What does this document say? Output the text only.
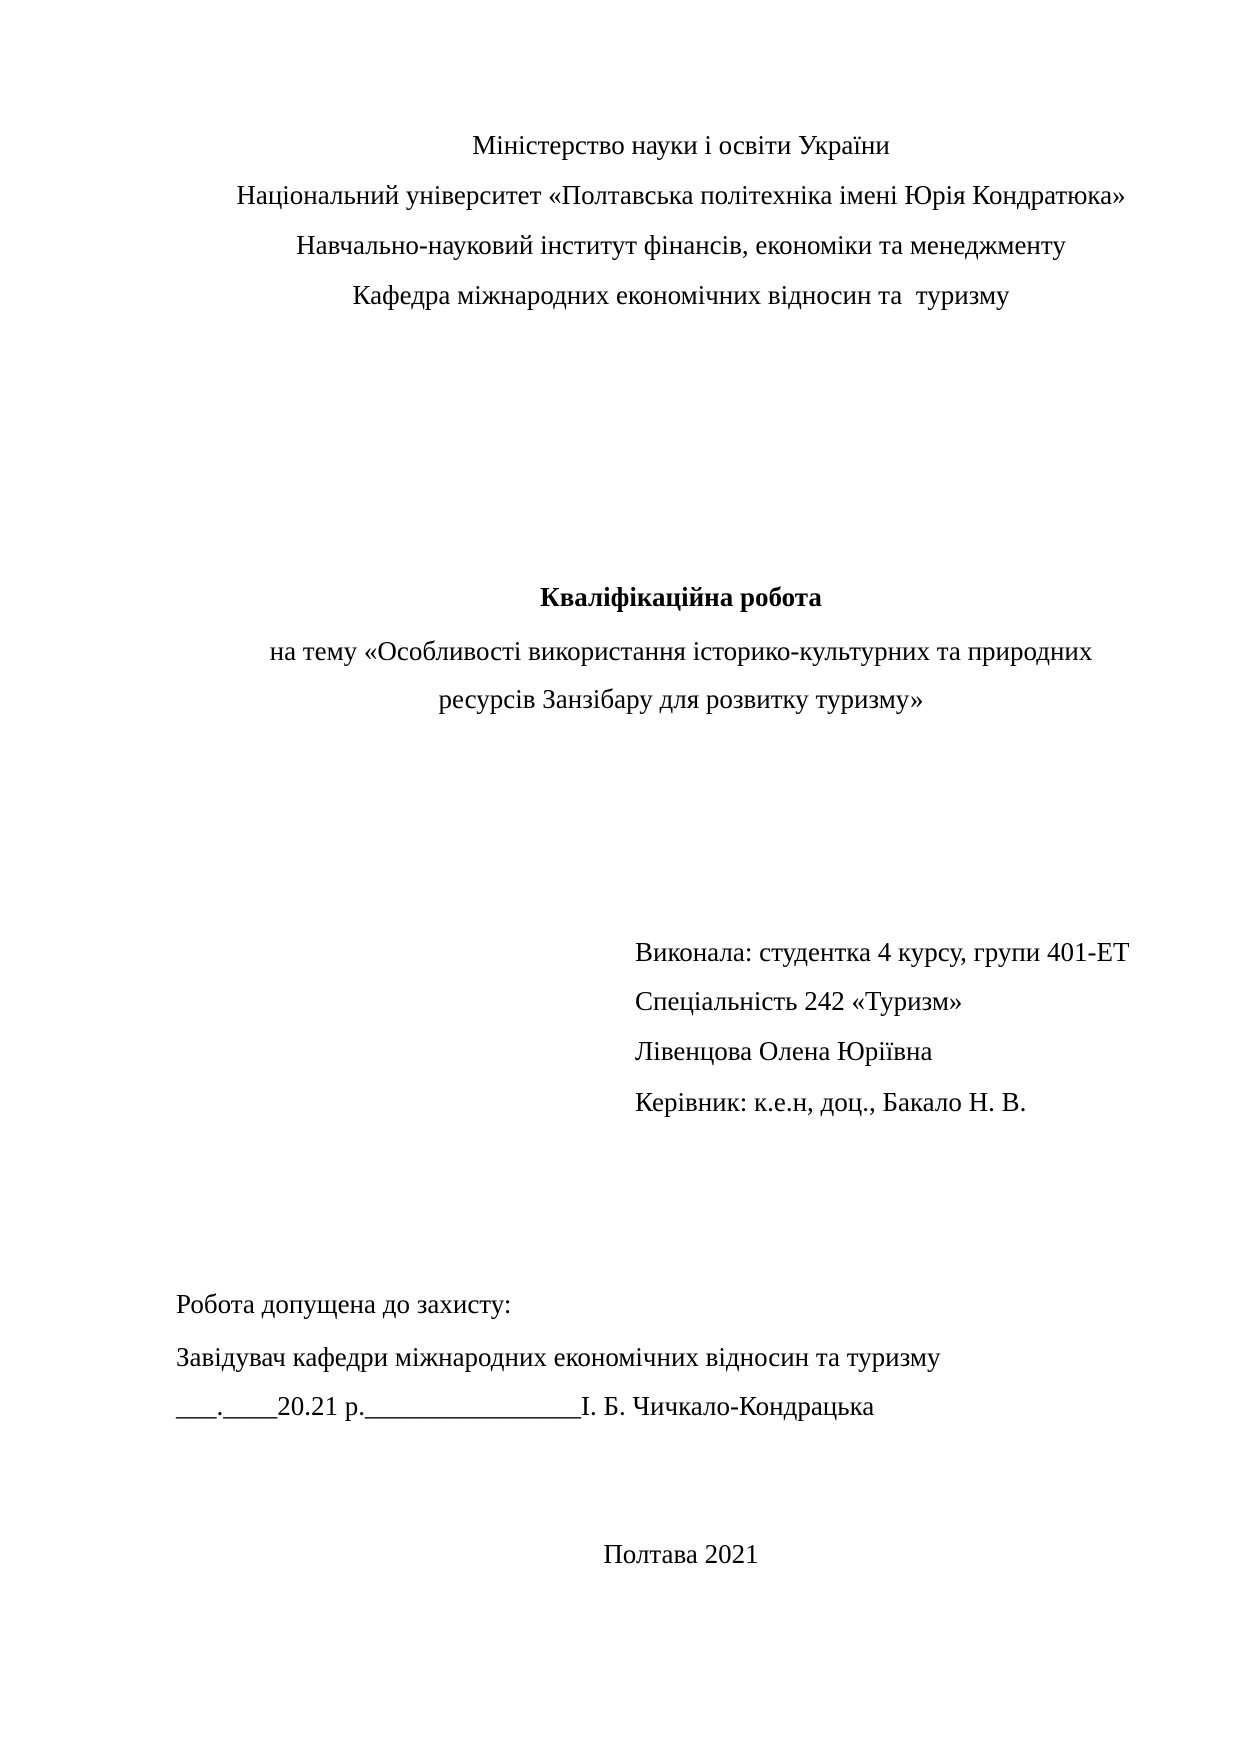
Міністерство науки і освіти України
Національний університет «Полтавська політехніка імені Юрія Кондратюка»
Навчально-науковий інститут фінансів, економіки та менеджменту
Кафедра міжнародних економічних відносин та  туризму
Кваліфікаційна робота
на тему «Особливості використання історико-культурних та природних
ресурсів Занзібару для розвитку туризму»
Виконала: студентка 4 курсу, групи 401-ЕТ
Спеціальність 242 «Туризм»
Лівенцова Олена Юріївна
Керівник: к.е.н, доц., Бакало Н. В.
Робота допущена до захисту:
Завідувач кафедри міжнародних економічних відносин та туризму
___.____20.21 р.________________І. Б. Чичкало-Кондрацька
Полтава 2021
